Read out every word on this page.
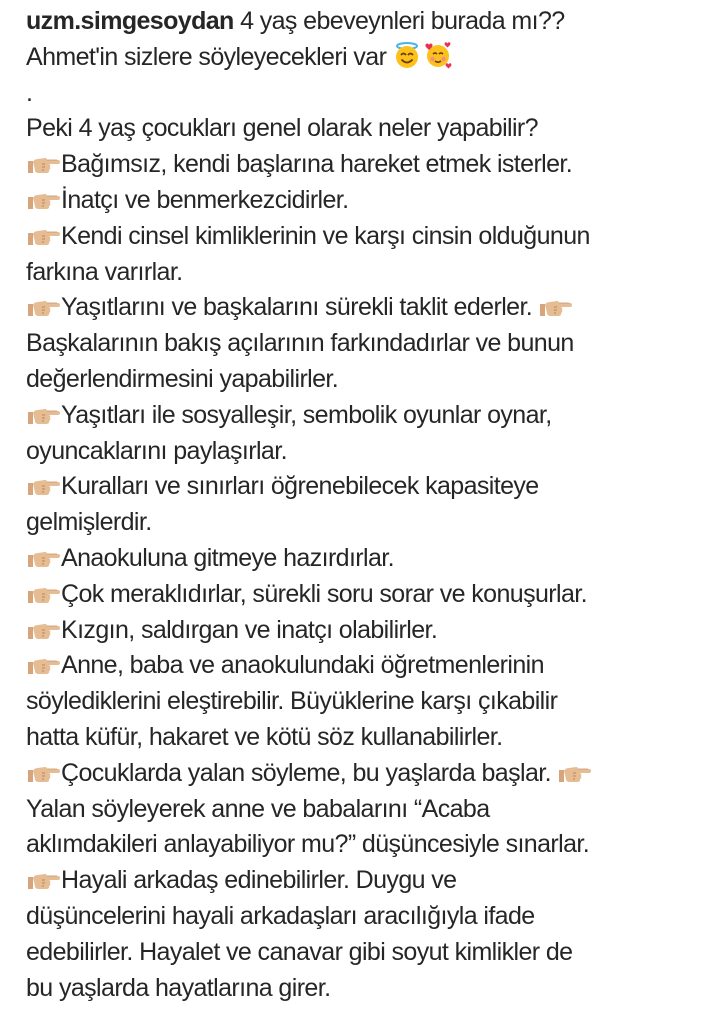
uzm.simgesoydan 4 yaş ebeveynleri burada mı??
Ahmet'in sizlere söyleyecekleri var
.
Peki 4 yaş çocukları genel olarak neler yapabilir?
Bağımsız, kendi başlarına hareket etmek isterler.
İnatçı ve benmerkezcidirler.
Kendi cinsel kimliklerinin ve karşı cinsin olduğunun
farkına varırlar.
Yaşıtlarını ve başkalarını sürekli taklit ederler.
Başkalarının bakış açılarının farkındadırlar ve bunun
değerlendirmesini yapabilirler.
Yaşıtları ile sosyalleşir, sembolik oyunlar oynar,
oyuncaklarını paylaşırlar.
Kuralları ve sınırları öğrenebilecek kapasiteye
gelmişlerdir.
Anaokuluna gitmeye hazırdırlar.
Çok meraklıdırlar, sürekli soru sorar ve konuşurlar.
Kızgın, saldırgan ve inatçı olabilirler.
Anne, baba ve anaokulundaki öğretmenlerinin
söylediklerini eleştirebilir. Büyüklerine karşı çıkabilir
hatta küfür, hakaret ve kötü söz kullanabilirler.
Çocuklarda yalan söyleme, bu yaşlarda başlar.
Yalan söyleyerek anne ve babalarını “Acaba
aklımdakileri anlayabiliyor mu?” düşüncesiyle sınarlar.
Hayali arkadaş edinebilirler. Duygu ve
düşüncelerini hayali arkadaşları aracılığıyla ifade
edebilirler. Hayalet ve canavar gibi soyut kimlikler de
bu yaşlarda hayatlarına girer.
